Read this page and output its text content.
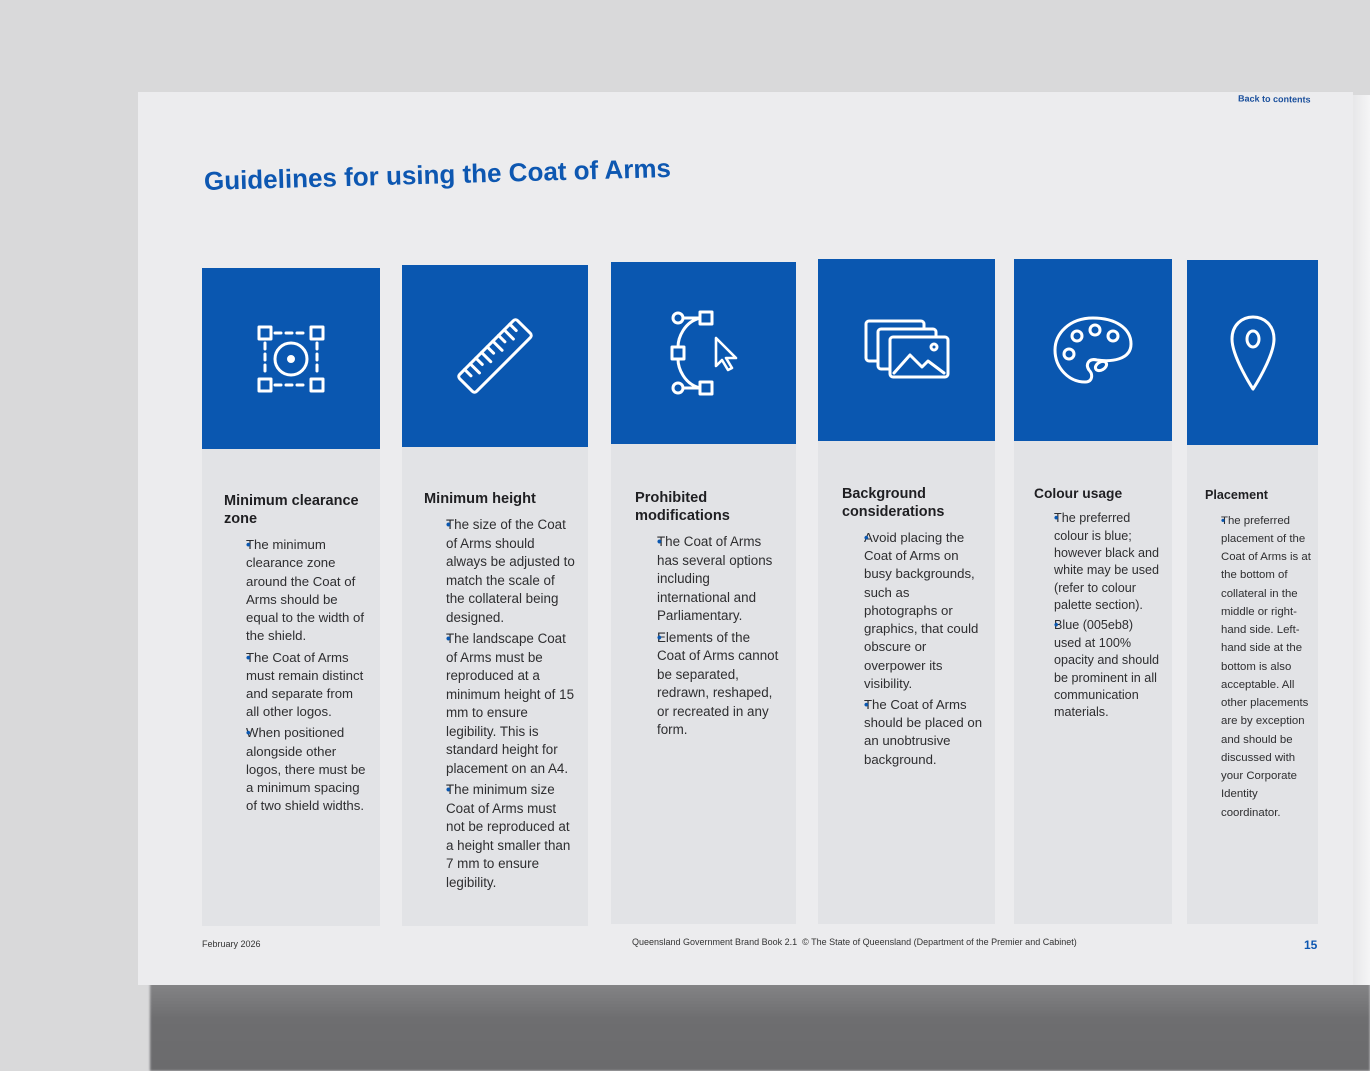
Back to contents
Guidelines for using the Coat of Arms

Minimum clearance zone

• The minimum clearance zone around the Coat of Arms should be equal to the width of the shield.
• The Coat of Arms must remain distinct and separate from all other logos.
• When positioned alongside other logos, there must be a minimum spacing of two shield widths.

Minimum height

• The size of the Coat of Arms should always be adjusted to match the scale of the collateral being designed.
• The landscape Coat of Arms must be reproduced at a minimum height of 15 mm to ensure legibility. This is standard height for placement on an A4.
• The minimum size Coat of Arms must not be reproduced at a height smaller than 7 mm to ensure legibility.

Prohibited modifications

• The Coat of Arms has several options including international and Parliamentary.
• Elements of the Coat of Arms cannot be separated, redrawn, reshaped, or recreated in any form.

Background considerations

• Avoid placing the Coat of Arms on busy backgrounds, such as photographs or graphics, that could obscure or overpower its visibility.
• The Coat of Arms should be placed on an unobtrusive background.

Colour usage

• The preferred colour is blue; however black and white may be used (refer to colour palette section).
• Blue (005eb8) used at 100% opacity and should be prominent in all communication materials.

Placement

• The preferred placement of the Coat of Arms is at the bottom of collateral in the middle or right-hand side. Left-hand side at the bottom is also acceptable. All other placements are by exception and should be discussed with your Corporate Identity coordinator.
February 2026	Queensland Government Brand Book 2.1  © The State of Queensland (Department of the Premier and Cabinet)	15
